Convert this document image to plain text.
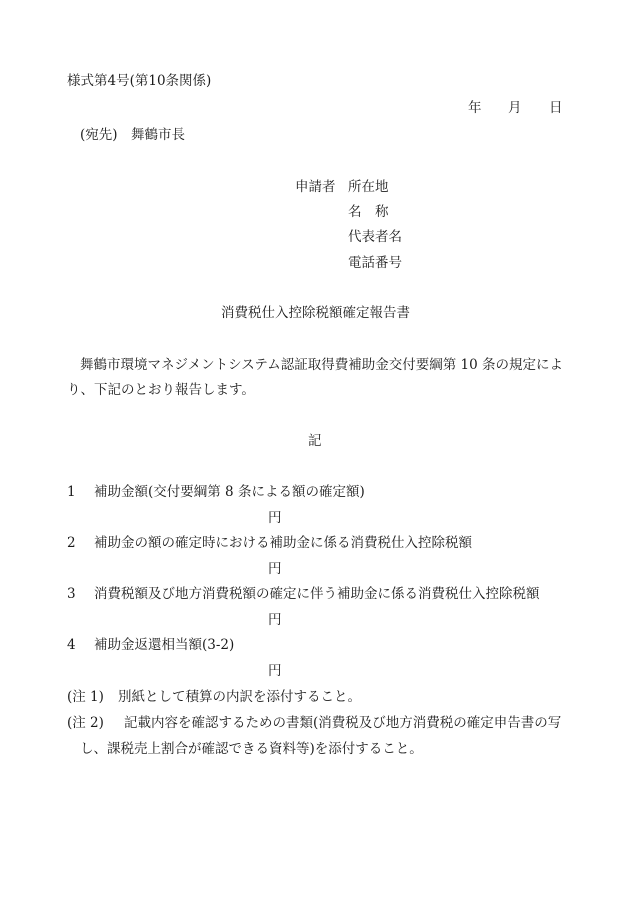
様式第4号(第10条関係)
年 月 日
(宛先)　舞鶴市長
申請者 所在地
名　称
代表者名
電話番号
消費税仕入控除税額確定報告書
舞鶴市環境マネジメントシステム認証取得費補助金交付要綱第 10 条の規定によ
り、下記のとおり報告します。
記
1 補助金額(交付要綱第 8 条による額の確定額)
円
2 補助金の額の確定時における補助金に係る消費税仕入控除税額
円
3 消費税額及び地方消費税額の確定に伴う補助金に係る消費税仕入控除税額
円
4 補助金返還相当額(3-2)
円
(注 1) 別紙として積算の内訳を添付すること。
(注 2) 記載内容を確認するための書類(消費税及び地方消費税の確定申告書の写
し、課税売上割合が確認できる資料等)を添付すること。
